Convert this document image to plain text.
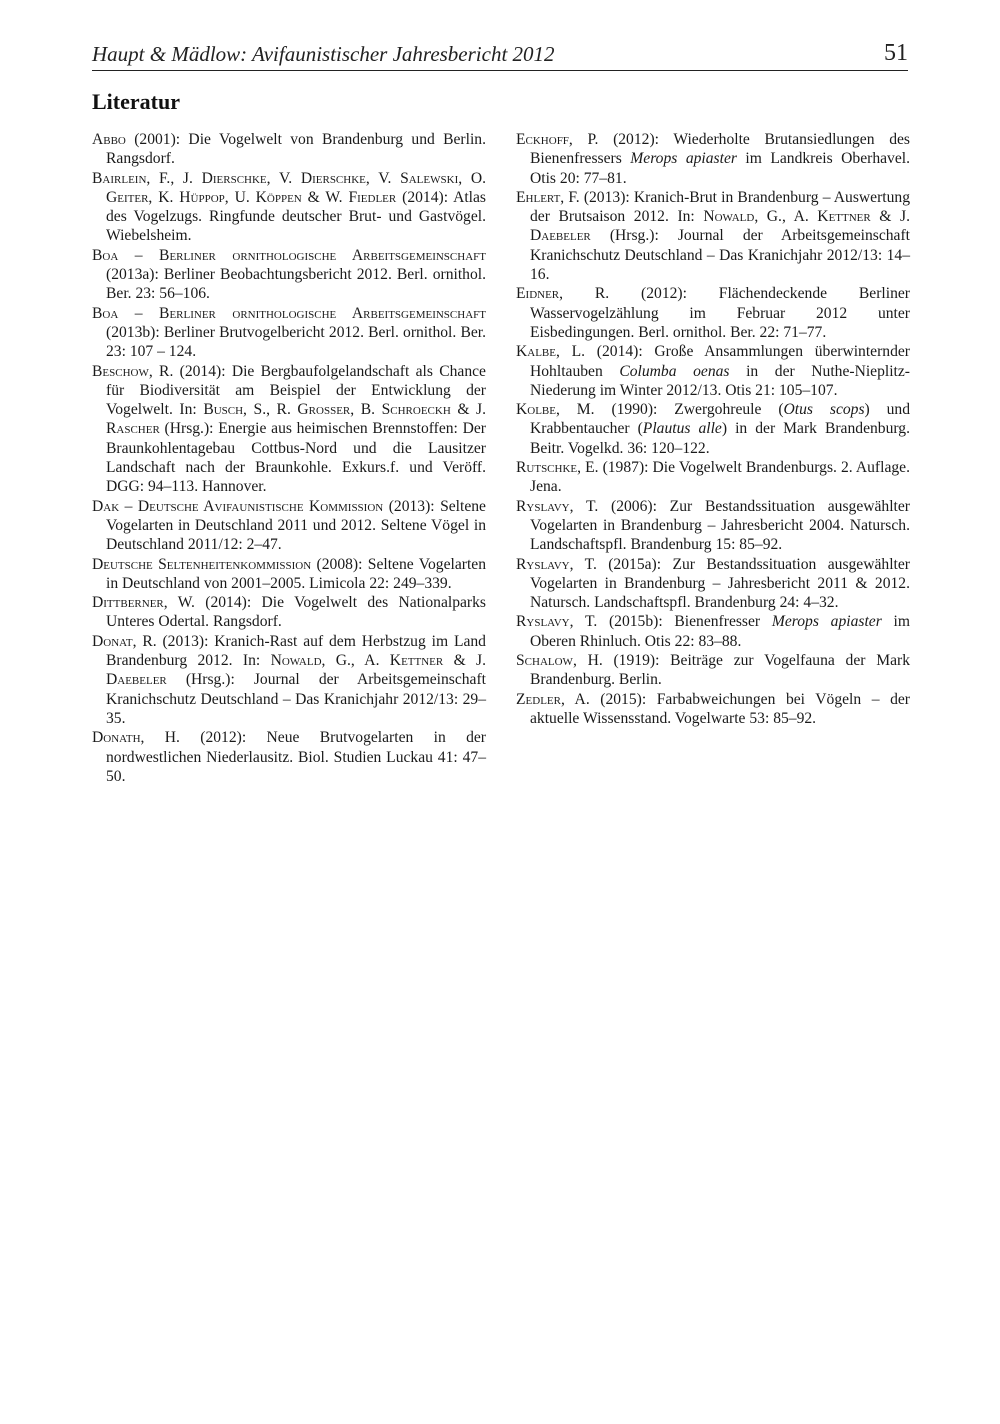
Haupt & Mädlow: Avifaunistischer Jahresbericht 2012	51
Literatur

Abbo (2001): Die Vogelwelt von Brandenburg und Berlin. Rangsdorf.

Bairlein, F., J. Dierschke, V. Dierschke, V. Salewski, O. Geiter, K. Hüppop, U. Köppen & W. Fiedler (2014): Atlas des Vogelzugs. Ringfunde deutscher Brut- und Gastvögel. Wiebelsheim.

Boa – Berliner ornithologische Arbeitsgemeinschaft (2013a): Berliner Beobachtungsbericht 2012. Berl. ornithol. Ber. 23: 56–106.

Boa – Berliner ornithologische Arbeitsgemeinschaft (2013b): Berliner Brutvogelbericht 2012. Berl. ornithol. Ber. 23: 107 – 124.

Beschow, R. (2014): Die Bergbaufolgelandschaft als Chance für Biodiversität am Beispiel der Entwicklung der Vogelwelt. In: Busch, S., R. Grosser, B. Schroeckh & J. Rascher (Hrsg.): Energie aus heimischen Brennstoffen: Der Braunkohlentagebau Cottbus-Nord und die Lausitzer Landschaft nach der Braunkohle. Exkurs.f. und Veröff. DGG: 94–113. Hannover.

Dak – Deutsche Avifaunistische Kommission (2013): Seltene Vogelarten in Deutschland 2011 und 2012. Seltene Vögel in Deutschland 2011/12: 2–47.

Deutsche Seltenheitenkommission (2008): Seltene Vogelarten in Deutschland von 2001–2005. Limicola 22: 249–339.

Dittberner, W. (2014): Die Vogelwelt des Nationalparks Unteres Odertal. Rangsdorf.

Donat, R. (2013): Kranich-Rast auf dem Herbstzug im Land Brandenburg 2012. In: Nowald, G., A. Kettner & J. Daebeler (Hrsg.): Journal der Arbeitsgemeinschaft Kranichschutz Deutschland – Das Kranichjahr 2012/13: 29–35.

Donath, H. (2012): Neue Brutvogelarten in der nordwestlichen Niederlausitz. Biol. Studien Luckau 41: 47–50.

Eckhoff, P. (2012): Wiederholte Brutansiedlungen des Bienenfressers Merops apiaster im Landkreis Oberhavel. Otis 20: 77–81.

Ehlert, F. (2013): Kranich-Brut in Brandenburg – Auswertung der Brutsaison 2012. In: Nowald, G., A. Kettner & J. Daebeler (Hrsg.): Journal der Arbeitsgemeinschaft Kranichschutz Deutschland – Das Kranichjahr 2012/13: 14–16.

Eidner, R. (2012): Flächendeckende Berliner Wasservogelzählung im Februar 2012 unter Eisbedingungen. Berl. ornithol. Ber. 22: 71–77.

Kalbe, L. (2014): Große Ansammlungen überwinternder Hohltauben Columba oenas in der Nuthe-Nieplitz-Niederung im Winter 2012/13. Otis 21: 105–107.

Kolbe, M. (1990): Zwergohreule (Otus scops) und Krabbentaucher (Plautus alle) in der Mark Brandenburg. Beitr. Vogelkd. 36: 120–122.

Rutschke, E. (1987): Die Vogelwelt Brandenburgs. 2. Auflage. Jena.

Ryslavy, T. (2006): Zur Bestandssituation ausgewählter Vogelarten in Brandenburg – Jahresbericht 2004. Natursch. Landschaftspfl. Brandenburg 15: 85–92.

Ryslavy, T. (2015a): Zur Bestandssituation ausgewählter Vogelarten in Brandenburg – Jahresbericht 2011 & 2012. Natursch. Landschaftspfl. Brandenburg 24: 4–32.

Ryslavy, T. (2015b): Bienenfresser Merops apiaster im Oberen Rhinluch. Otis 22: 83–88.

Schalow, H. (1919): Beiträge zur Vogelfauna der Mark Brandenburg. Berlin.

Zedler, A. (2015): Farbabweichungen bei Vögeln – der aktuelle Wissensstand. Vogelwarte 53: 85–92.
